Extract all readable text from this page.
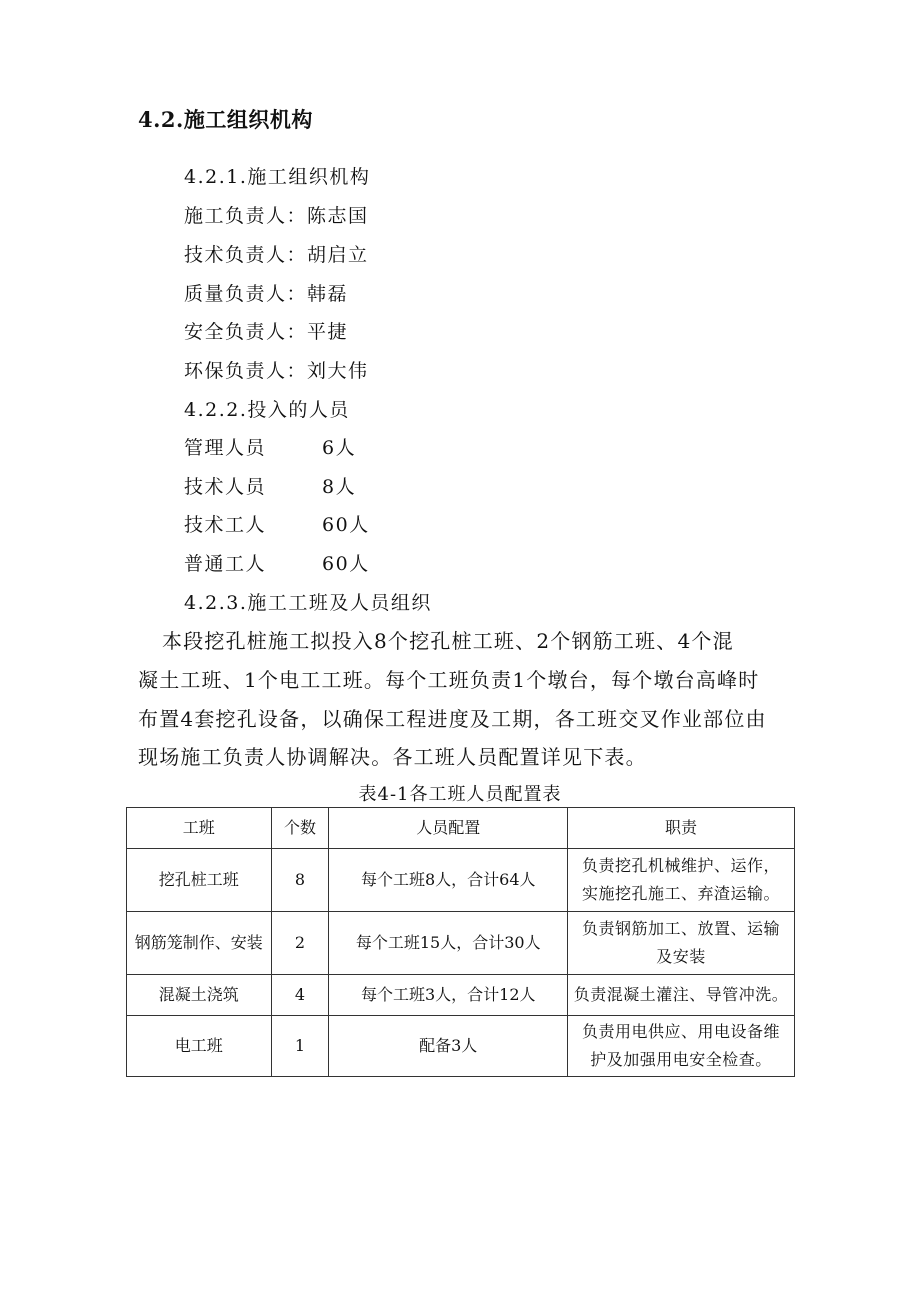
4.2.施工组织机构
4.2.1.施工组织机构
施工负责人：陈志国
技术负责人：胡启立
质量负责人：韩磊
安全负责人：平捷
环保负责人：刘大伟
4.2.2.投入的人员
管理人员	6人
技术人员	8人
技术工人	60人
普通工人	60人
4.2.3.施工工班及人员组织
本段挖孔桩施工拟投入8个挖孔桩工班、2个钢筋工班、4个混
凝土工班、1个电工工班。每个工班负责1个墩台，每个墩台高峰时
布置4套挖孔设备，以确保工程进度及工期，各工班交叉作业部位由
现场施工负责人协调解决。各工班人员配置详见下表。
表4-1各工班人员配置表
工班	个数	人员配置	职责
挖孔桩工班	8	每个工班8人，合计64人	负责挖孔机械维护、运作，
实施挖孔施工、弃渣运输。

钢筋笼制作、安装	2	每个工班15人，合计30人	负责钢筋加工、放置、运输
及安装

混凝土浇筑	4	每个工班3人，合计12人	负责混凝土灌注、导管冲洗。

电工班	1	配备3人	负责用电供应、用电设备维
护及加强用电安全检查。
